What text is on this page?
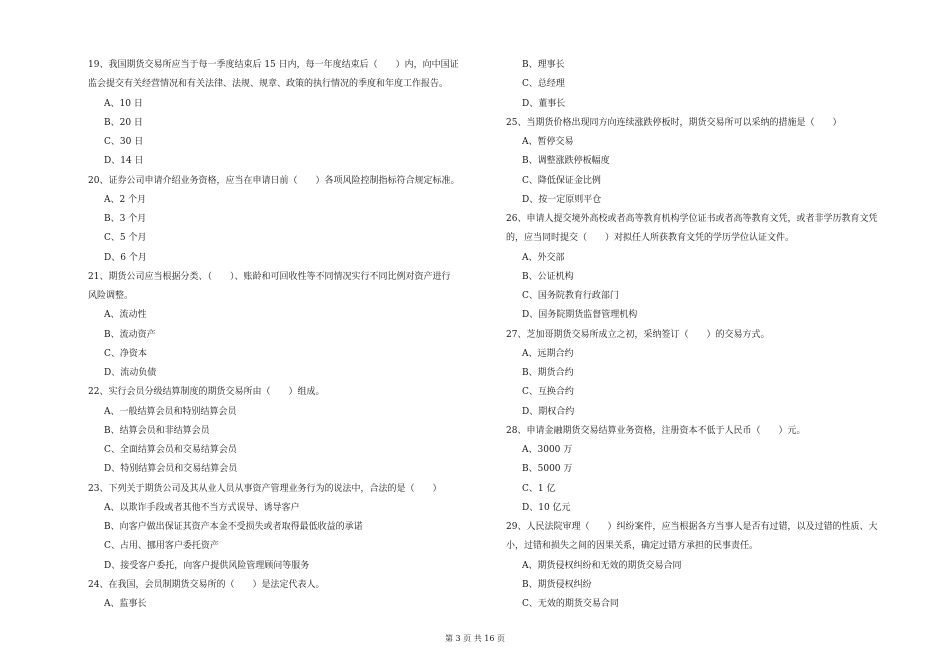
19、我国期货交易所应当于每一季度结束后 15 日内，每一年度结束后（　　）内，向中国证
监会提交有关经营情况和有关法律、法规、规章、政策的执行情况的季度和年度工作报告。
A、10 日
B、20 日
C、30 日
D、14 日
20、证券公司申请介绍业务资格，应当在申请日前（　　）各项风险控制指标符合规定标准。
A、2 个月
B、3 个月
C、5 个月
D、6 个月
21、期货公司应当根据分类、（　　）、账龄和可回收性等不同情况实行不同比例对资产进行
风险调整。
A、流动性
B、流动资产
C、净资本
D、流动负债
22、实行会员分级结算制度的期货交易所由（　　）组成。
A、一般结算会员和特别结算会员
B、结算会员和非结算会员
C、全面结算会员和交易结算会员
D、特别结算会员和交易结算会员
23、下列关于期货公司及其从业人员从事资产管理业务行为的说法中，合法的是（　　）
A、以欺诈手段或者其他不当方式误导、诱导客户
B、向客户做出保证其资产本金不受损失或者取得最低收益的承诺
C、占用、挪用客户委托资产
D、接受客户委托，向客户提供风险管理顾问等服务
24、在我国，会员制期货交易所的（　　）是法定代表人。
A、监事长
B、理事长
C、总经理
D、董事长
25、当期货价格出现同方向连续涨跌停板时，期货交易所可以采纳的措施是（　　）
A、暂停交易
B、调整涨跌停板幅度
C、降低保证金比例
D、按一定原则平仓
26、申请人提交境外高校或者高等教育机构学位证书或者高等教育文凭，或者非学历教育文凭
的，应当同时提交（　　）对拟任人所获教育文凭的学历学位认证文件。
A、外交部
B、公证机构
C、国务院教育行政部门
D、国务院期货监督管理机构
27、芝加哥期货交易所成立之初，采纳签订（　　）的交易方式。
A、远期合约
B、期货合约
C、互换合约
D、期权合约
28、申请金融期货交易结算业务资格，注册资本不低于人民币（　　）元。
A、3000 万
B、5000 万
C、1 亿
D、10 亿元
29、人民法院审理（　　）纠纷案件，应当根据各方当事人是否有过错，以及过错的性质、大
小，过错和损失之间的因果关系，确定过错方承担的民事责任。
A、期货侵权纠纷和无效的期货交易合同
B、期货侵权纠纷
C、无效的期货交易合同
第 3 页 共 16 页
